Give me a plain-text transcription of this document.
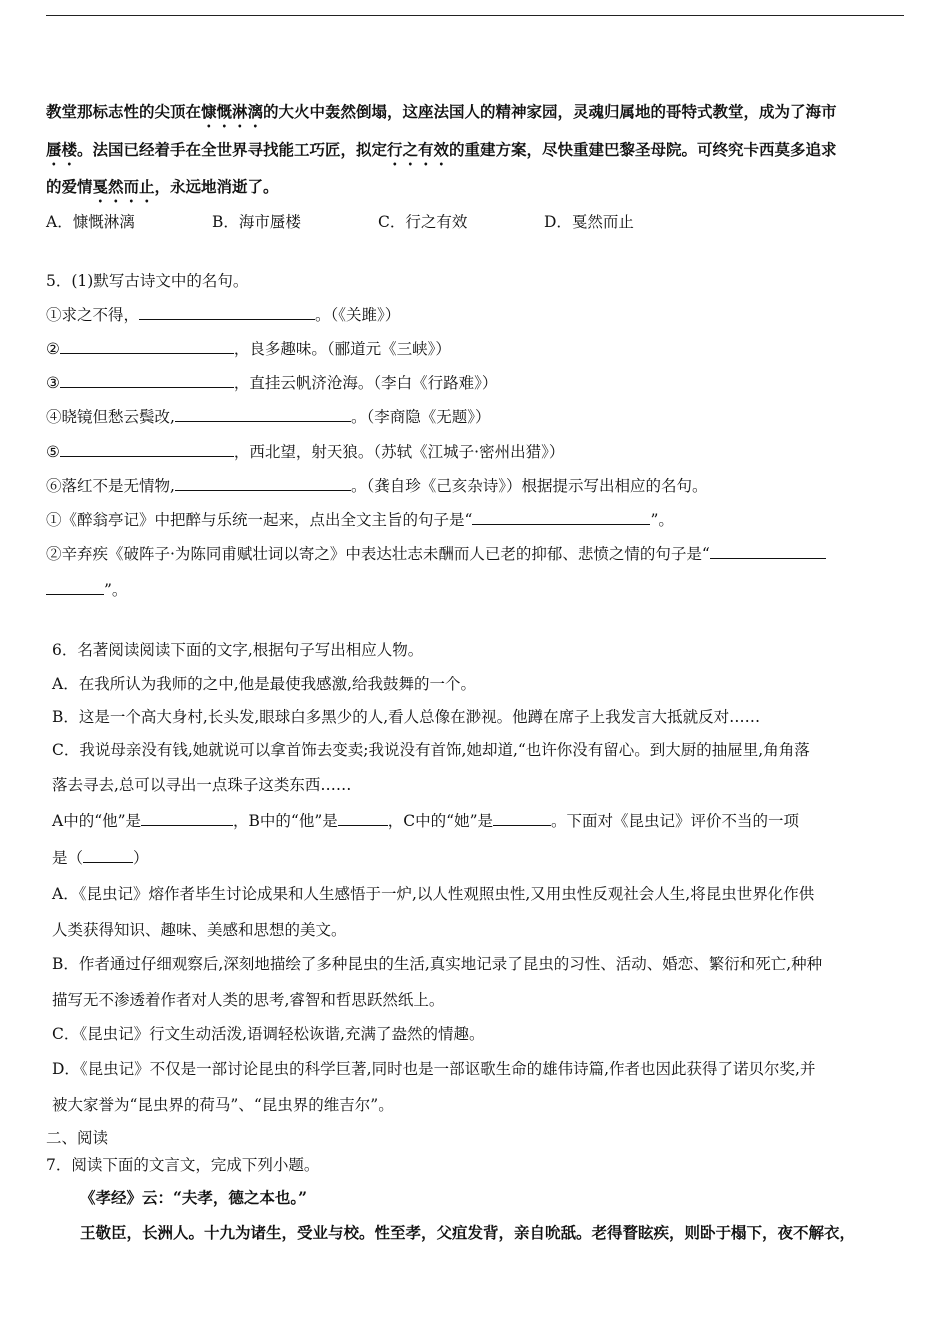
教堂那标志性的尖顶在慷慨淋漓的大火中轰然倒塌，这座法国人的精神家园，灵魂归属地的哥特式教堂，成为了海市
蜃楼。法国已经着手在全世界寻找能工巧匠，拟定行之有效的重建方案，尽快重建巴黎圣母院。可终究卡西莫多追求
的爱情戛然而止，永远地消逝了。
A．慷慨淋漓	B．海市蜃楼	C．行之有效	D．戛然而止
5．(1)默写古诗文中的名句。
①求之不得，	。（《关雎》）
②	，良多趣味。（郦道元《三峡》）
③	，直挂云帆济沧海。（李白《行路难》）
④晓镜但愁云鬓改,	。（李商隐《无题》）
⑤	，西北望，射天狼。（苏轼《江城子·密州出猎》）
⑥落红不是无情物,	。（龚自珍《己亥杂诗》）根据提示写出相应的名句。
①《醉翁亭记》中把醉与乐统一起来，点出全文主旨的句子是“	”。
②辛弃疾《破阵子·为陈同甫赋壮词以寄之》中表达壮志未酬而人已老的抑郁、悲愤之情的句子是“
”。
6．名著阅读阅读下面的文字,根据句子写出相应人物。
A．在我所认为我师的之中,他是最使我感激,给我鼓舞的一个。
B．这是一个高大身村,长头发,眼球白多黑少的人,看人总像在渺视。他蹲在席子上我发言大抵就反对……
C．我说母亲没有钱,她就说可以拿首饰去变卖;我说没有首饰,她却道,“也许你没有留心。到大厨的抽屉里,角角落
落去寻去,总可以寻出一点珠子这类东西……
A中的“他”是	，B中的“他”是	，C中的“她”是	。下面对《昆虫记》评价不当的一项
是（	）
A．《昆虫记》熔作者毕生讨论成果和人生感悟于一炉,以人性观照虫性,又用虫性反观社会人生,将昆虫世界化作供
人类获得知识、趣味、美感和思想的美文。
B．作者通过仔细观察后,深刻地描绘了多种昆虫的生活,真实地记录了昆虫的习性、活动、婚恋、繁衍和死亡,种种
描写无不渗透着作者对人类的思考,睿智和哲思跃然纸上。
C．《昆虫记》行文生动活泼,语调轻松诙谐,充满了盎然的情趣。
D．《昆虫记》不仅是一部讨论昆虫的科学巨著,同时也是一部讴歌生命的雄伟诗篇,作者也因此获得了诺贝尔奖,并
被大家誉为“昆虫界的荷马”、“昆虫界的维吉尔”。
二、阅读
7．阅读下面的文言文，完成下列小题。
《孝经》云：“夫孝，德之本也。”
王敬臣，长洲人。十九为诸生，受业与校。性至孝，父疽发背，亲自吮舐。老得瞀眩疾，则卧于榻下，夜不解衣，
